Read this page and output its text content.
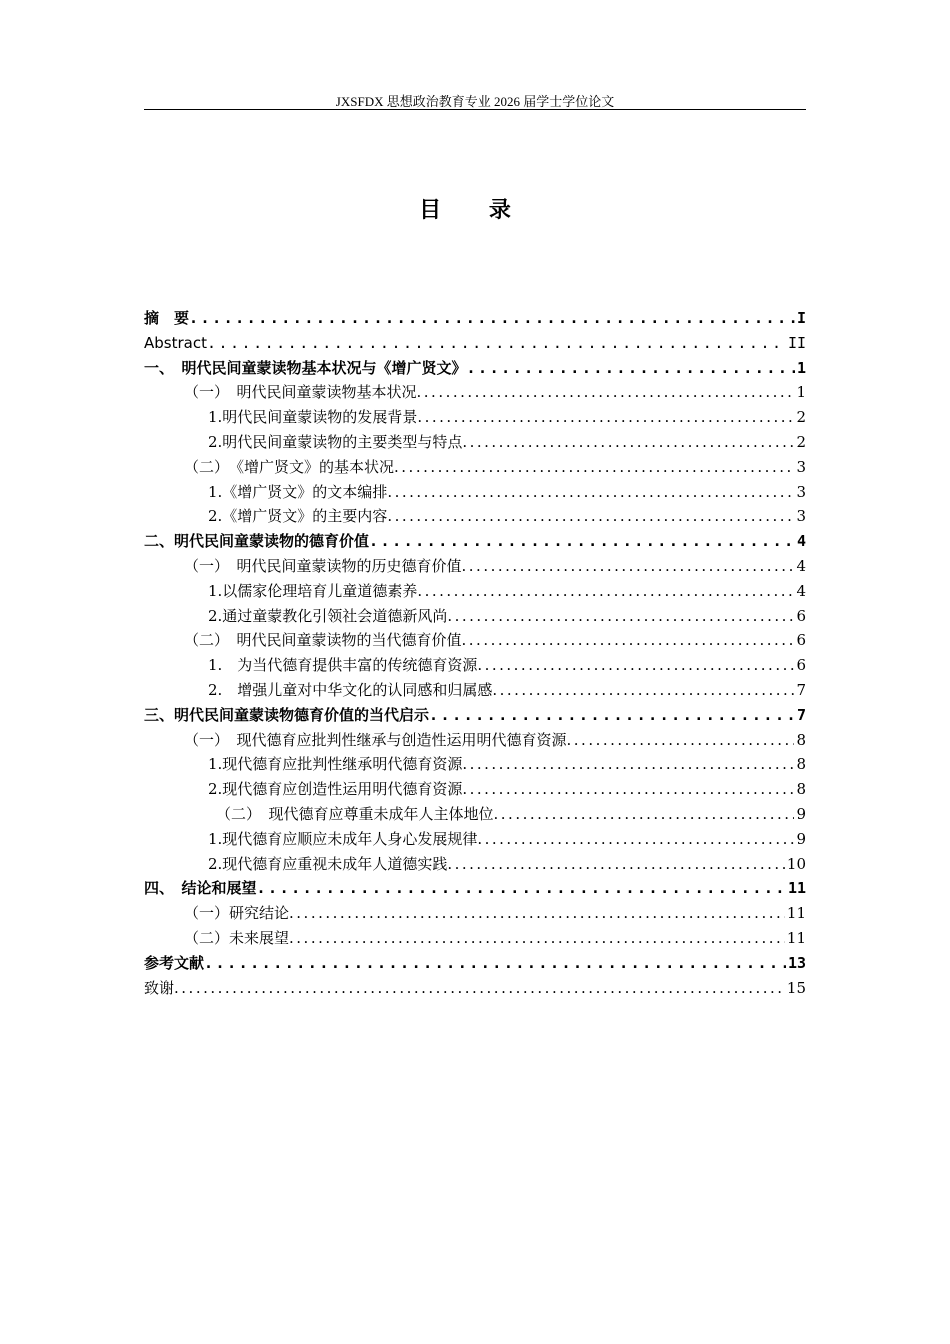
JXSFDX 思想政治教育专业 2026 届学士学位论文
目 录
摘　要 .....	I
Abstract .....	II
一、　明代民间童蒙读物基本状况与《增广贤文》 .....	1
（一）　明代民间童蒙读物基本状况 .....	1
1.明代民间童蒙读物的发展背景 .....	2
2.明代民间童蒙读物的主要类型与特点 .....	2
（二）　《增广贤文》的基本状况 .....	3
1.《增广贤文》的文本编排 .....	3
2.《增广贤文》的主要内容 .....	3
二、明代民间童蒙读物的德育价值 .....	4
（一）　明代民间童蒙读物的历史德育价值 .....	4
1.以儒家伦理培育儿童道德素养 .....	4
2.通过童蒙教化引领社会道德新风尚 .....	6
（二）　明代民间童蒙读物的当代德育价值 .....	6
1.　为当代德育提供丰富的传统德育资源 .....	6
2.　增强儿童对中华文化的认同感和归属感 .....	7
三、明代民间童蒙读物德育价值的当代启示 .....	7
（一）　现代德育应批判性继承与创造性运用明代德育资源 .....	8
1.现代德育应批判性继承明代德育资源 .....	8
2.现代德育应创造性运用明代德育资源 .....	8
（二）　现代德育应尊重未成年人主体地位 .....	9
1.现代德育应顺应未成年人身心发展规律 .....	9
2.现代德育应重视未成年人道德实践 .....	10
四、　结论和展望 .....	11
（一）研究结论 .....	11
（二）未来展望 .....	11
参考文献 .....	13
致谢 .....	15
